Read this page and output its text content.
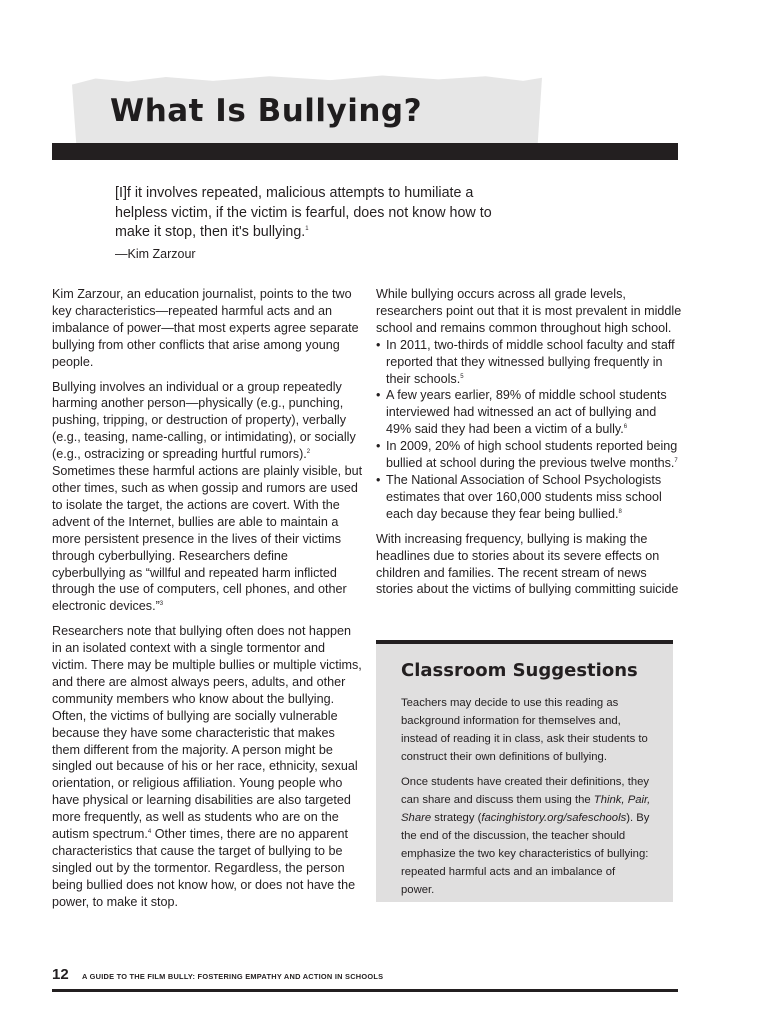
What Is Bullying?

[I]f it involves repeated, malicious attempts to humiliate a helpless victim, if the victim is fearful, does not know how to make it stop, then it's bullying.$^1$

—Kim Zarzour

Kim Zarzour, an education journalist, points to the two key characteristics—repeated harmful acts and an imbalance of power—that most experts agree separate bullying from other conflicts that arise among young people.

Bullying involves an individual or a group repeatedly harming another person—physically (e.g., punching, pushing, tripping, or destruction of property), verbally (e.g., teasing, name-calling, or intimidating), or socially (e.g., ostracizing or spreading hurtful rumors).$^2$ Sometimes these harmful actions are plainly visible, but other times, such as when gossip and rumors are used to isolate the target, the actions are covert. With the advent of the Internet, bullies are able to maintain a more persistent presence in the lives of their victims through cyberbullying. Researchers define cyberbullying as “willful and repeated harm inflicted through the use of computers, cell phones, and other electronic devices.”$^3$

Researchers note that bullying often does not happen in an isolated context with a single tormentor and victim. There may be multiple bullies or multiple victims, and there are almost always peers, adults, and other community members who know about the bullying. Often, the victims of bullying are socially vulnerable because they have some characteristic that makes them different from the majority. A person might be singled out because of his or her race, ethnicity, sexual orientation, or religious affiliation. Young people who have physical or learning disabilities are also targeted more frequently, as well as students who are on the autism spectrum.$^4$ Other times, there are no apparent characteristics that cause the target of bullying to be singled out by the tormentor. Regardless, the person being bullied does not know how, or does not have the power, to make it stop.

While bullying occurs across all grade levels, researchers point out that it is most prevalent in middle school and remains common throughout high school.

• In 2011, two-thirds of middle school faculty and staff reported that they witnessed bullying frequently in their schools.$^5$
• A few years earlier, 89% of middle school students interviewed had witnessed an act of bullying and 49% said they had been a victim of a bully.$^6$
• In 2009, 20% of high school students reported being bullied at school during the previous twelve months.$^7$
• The National Association of School Psychologists estimates that over 160,000 students miss school each day because they fear being bullied.$^8$

With increasing frequency, bullying is making the headlines due to stories about its severe effects on children and families. The recent stream of news stories about the victims of bullying committing suicide

Classroom Suggestions

Teachers may decide to use this reading as background information for themselves and, instead of reading it in class, ask their students to construct their own definitions of bullying.

Once students have created their definitions, they can share and discuss them using the Think, Pair, Share strategy (facinghistory.org/safeschools). By the end of the discussion, the teacher should emphasize the two key characteristics of bullying: repeated harmful acts and an imbalance of power.

12 A GUIDE TO THE FILM BULLY: FOSTERING EMPATHY AND ACTION IN SCHOOLS
